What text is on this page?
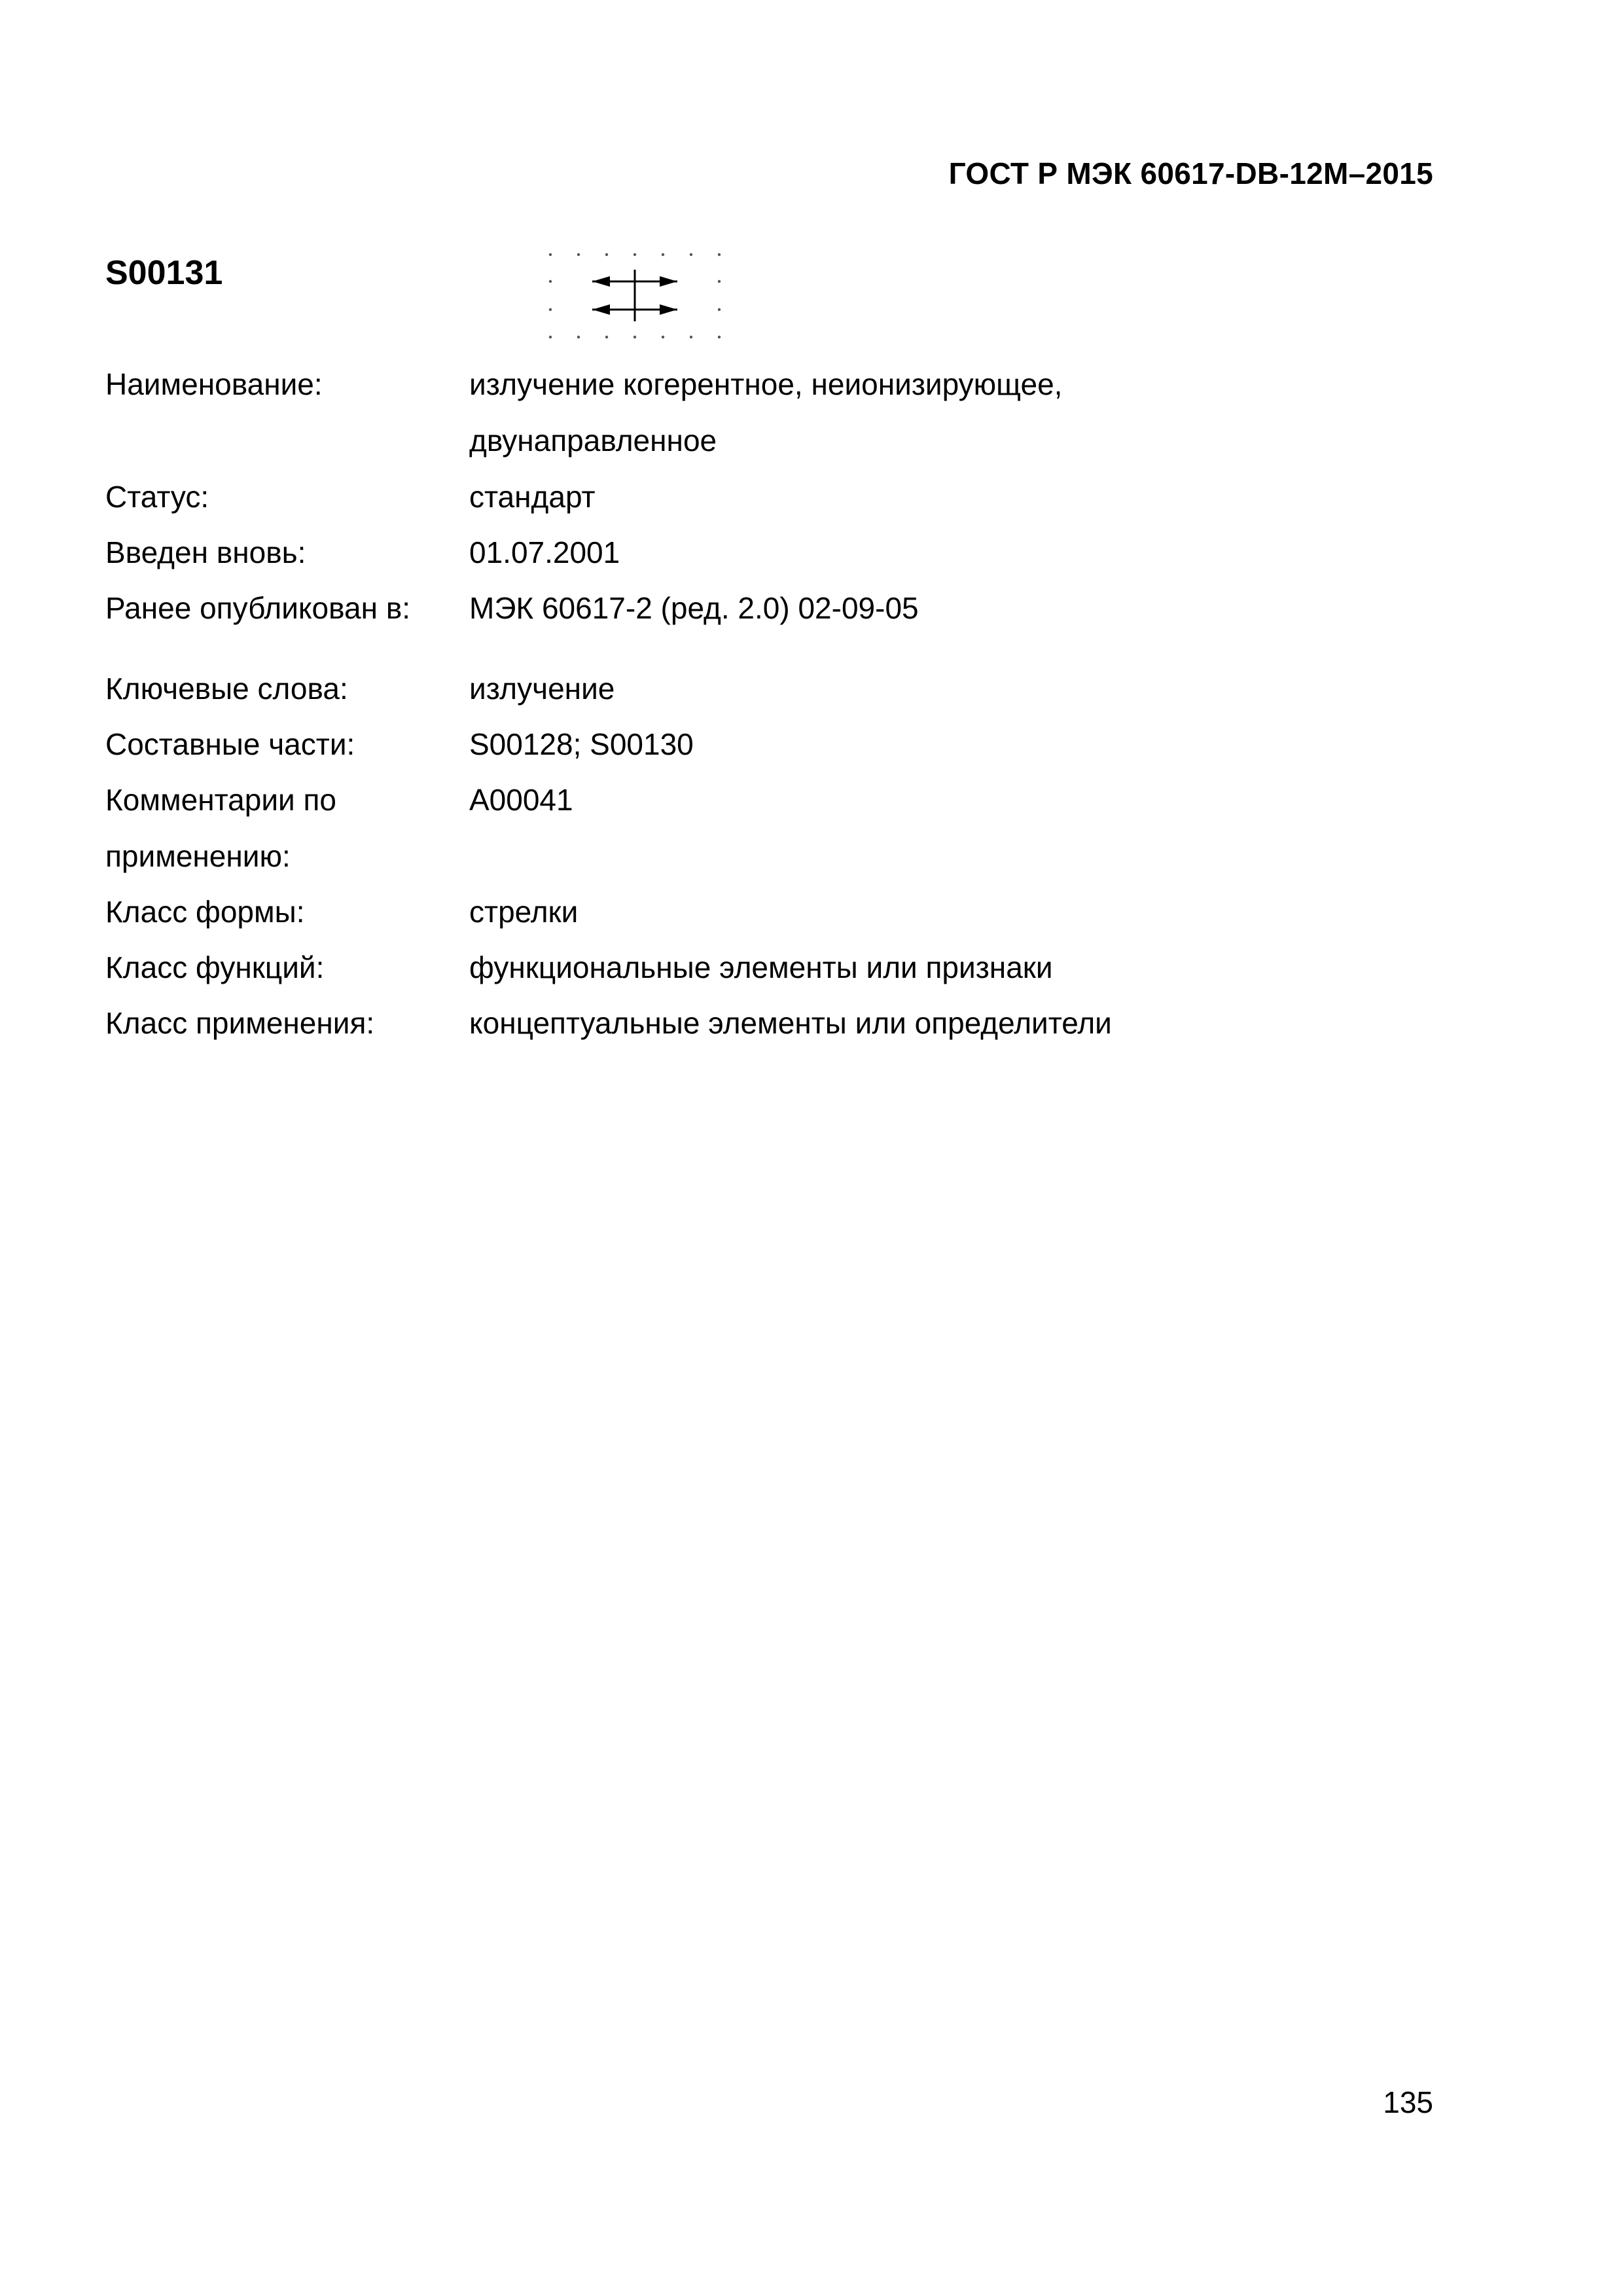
ГОСТ Р МЭК 60617-DB-12М–2015
S00131
Наименование:	излучение когерентное, неионизирующее,
двунаправленное
Статус:	стандарт
Введен вновь:	01.07.2001
Ранее опубликован в: МЭК 60617-2 (ред. 2.0) 02-09-05
Ключевые слова:	излучение
Составные части:	S00128; S00130
Комментарии по	A00041
применению:
Класс формы:	стрелки
Класс функций:	функциональные элементы или признаки
Класс применения:	концептуальные элементы или определители
135
